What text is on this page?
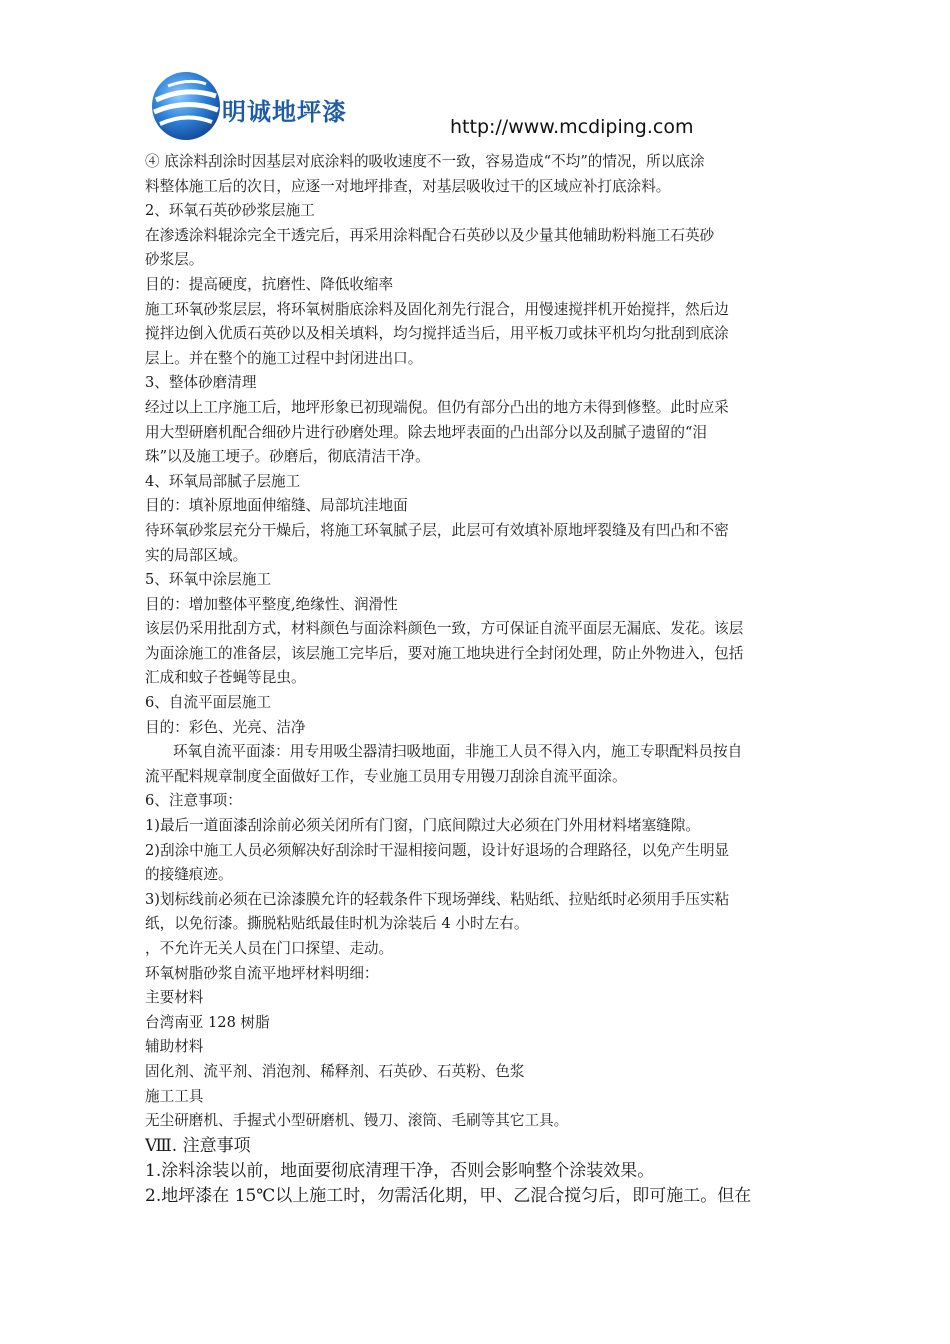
明诚地坪漆
http://www.mcdiping.com
④ 底涂料刮涂时因基层对底涂料的吸收速度不一致，容易造成“不均”的情况，所以底涂
料整体施工后的次日，应逐一对地坪排查，对基层吸收过干的区域应补打底涂料。
2、环氧石英砂砂浆层施工
在渗透涂料辊涂完全干透完后，再采用涂料配合石英砂以及少量其他辅助粉料施工石英砂
砂浆层。
目的：提高硬度，抗磨性、降低收缩率
施工环氧砂浆层层，将环氧树脂底涂料及固化剂先行混合，用慢速搅拌机开始搅拌，然后边
搅拌边倒入优质石英砂以及相关填料，均匀搅拌适当后，用平板刀或抹平机均匀批刮到底涂
层上。并在整个的施工过程中封闭进出口。
3、整体砂磨清理
经过以上工序施工后，地坪形象已初现端倪。但仍有部分凸出的地方未得到修整。此时应采
用大型研磨机配合细砂片进行砂磨处理。除去地坪表面的凸出部分以及刮腻子遗留的“泪
珠”以及施工埂子。砂磨后，彻底清洁干净。
4、环氧局部腻子层施工
目的：填补原地面伸缩缝、局部坑洼地面
待环氧砂浆层充分干燥后，将施工环氧腻子层，此层可有效填补原地坪裂缝及有凹凸和不密
实的局部区域。
5、环氧中涂层施工
目的：增加整体平整度,绝缘性、润滑性
该层仍采用批刮方式，材料颜色与面涂料颜色一致，方可保证自流平面层无漏底、发花。该层
为面涂施工的准备层，该层施工完毕后，要对施工地块进行全封闭处理，防止外物进入，包括
汇成和蚊子苍蝇等昆虫。
6、自流平面层施工
目的：彩色、光亮、洁净
环氧自流平面漆：用专用吸尘器清扫吸地面，非施工人员不得入内，施工专职配料员按自
流平配料规章制度全面做好工作，专业施工员用专用镘刀刮涂自流平面涂。
6、注意事项：
1)最后一道面漆刮涂前必须关闭所有门窗，门底间隙过大必须在门外用材料堵塞缝隙。
2)刮涂中施工人员必须解决好刮涂时干湿相接问题，设计好退场的合理路径，以免产生明显
的接缝痕迹。
3)划标线前必须在已涂漆膜允许的轻载条件下现场弹线、粘贴纸、拉贴纸时必须用手压实粘
纸，以免衍漆。撕脱粘贴纸最佳时机为涂装后 4 小时左右。
，不允许无关人员在门口探望、走动。
环氧树脂砂浆自流平地坪材料明细：
主要材料
台湾南亚 128 树脂
辅助材料
固化剂、流平剂、消泡剂、稀释剂、石英砂、石英粉、色浆
施工工具
无尘研磨机、手握式小型研磨机、镘刀、滚筒、毛刷等其它工具。
Ⅷ. 注意事项
1.涂料涂装以前，地面要彻底清理干净，否则会影响整个涂装效果。
2.地坪漆在 15℃以上施工时，勿需活化期，甲、乙混合搅匀后，即可施工。但在
